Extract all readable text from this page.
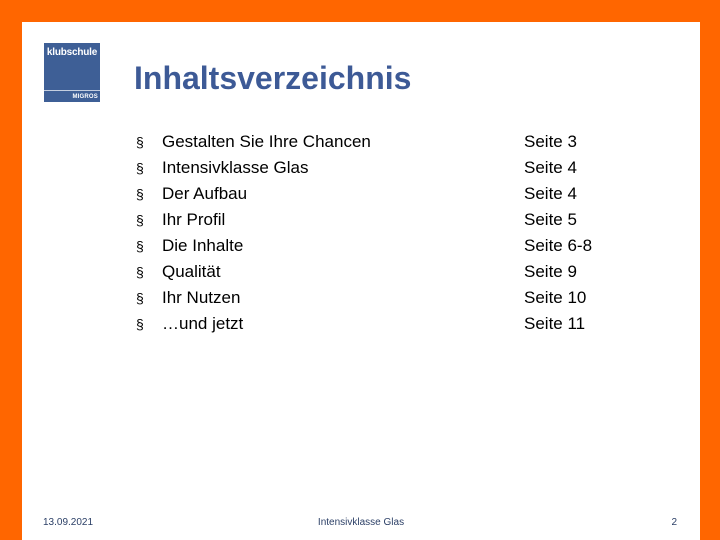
klubschule
MIGROS
Inhaltsverzeichnis
§ Gestalten Sie Ihre Chancen	Seite 3
§ Intensivklasse Glas	Seite 4
§ Der Aufbau	Seite 4
§ Ihr Profil	Seite 5
§ Die Inhalte	Seite 6-8
§ Qualität	Seite 9
§ Ihr Nutzen	Seite 10
§ …und jetzt	Seite 11
13.09.2021	Intensivklasse Glas	2
